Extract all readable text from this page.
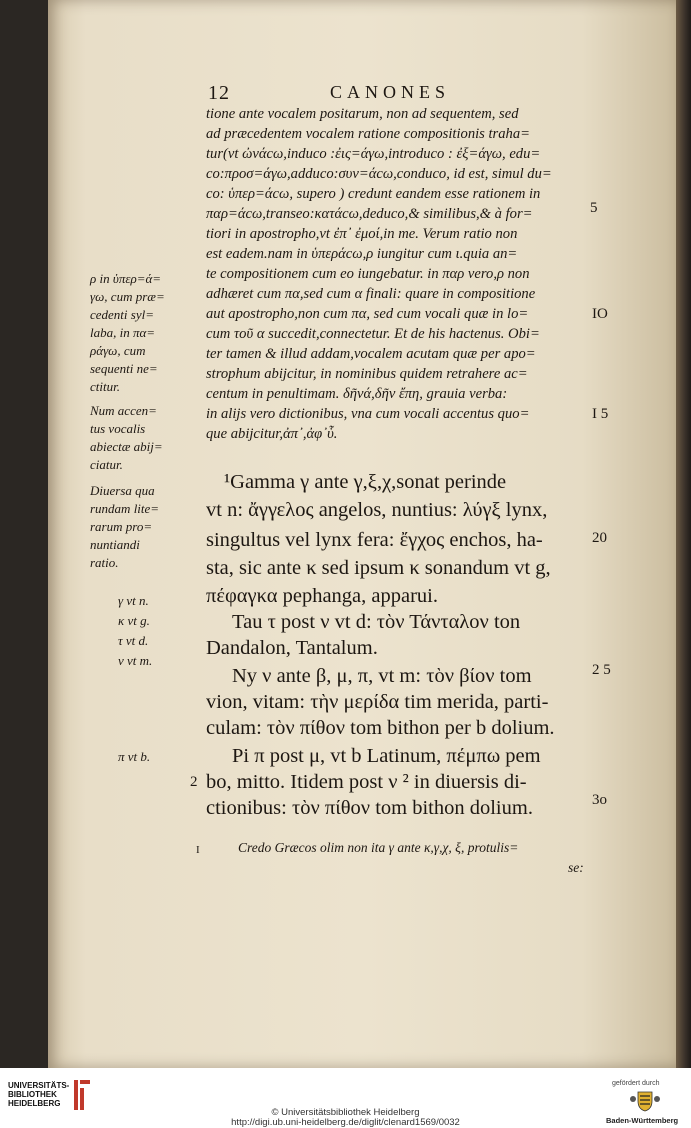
12	CANONES
tione ante vocalem positarum, non ad sequentem, sed
ad præcedentem vocalem ratione compositionis traha=
tur(vt ὠνάcω,induco :ἐις=άγω,introduco : ἐξ=άγω, edu=
co:προσ=άγω,adduco:συν=άcω,conduco, id est, simul du=
co: ὑπερ=άcω, supero ) credunt eandem esse rationem in
παρ=άcω,transeo:κατάcω,deduco,& similibus,& à for=
tiori in apostropho,vt ἐπ᾽ ἐμοί,in me. Verum ratio non
est eadem.nam in ὑπεράcω,ρ iungitur cum ι.quia an=
te compositionem cum eo iungebatur. in παρ vero,ρ non
adhæret cum πα,sed cum α finali: quare in compositione
aut apostropho,non cum πα, sed cum vocali quæ in lo=
cum τοῦ α succedit,connectetur. Et de his hactenus. Obi=
ter tamen & illud addam,vocalem acutam quæ per apo=
strophum abijcitur, in nominibus quidem retrahere ac=
centum in penultimam. δῆνά,δῆν ἔπη, grauia verba:
in alijs vero dictionibus, vna cum vocali accentus quo=
que abijcitur,ἀπ᾽,ἀφ᾽ὗ.
¹Gamma γ ante γ,ξ,χ,sonat perinde
vt n: ἄγγελος angelos, nuntius: λύγξ lynx,
singultus vel lynx fera: ἔγχος enchos, ha-
sta, sic ante κ sed ipsum κ sonandum vt g,
πέφαγκα pephanga, apparui.
Tau τ post ν vt d: τὸν Τάνταλον ton
Dandalon, Tantalum.
Ny ν ante β, μ, π, vt m: τὸν βίον tom
vion, vitam: τὴν μερίδα tim merida, parti-
culam: τὸν πίθον tom bithon per b dolium.
Pi π post μ, vt b Latinum, πέμπω pem
bo, mitto. Itidem post ν ² in diuersis di-
ctionibus: τὸν πίθον tom bithon dolium.
ρ in ὑπερ=ά=
γω, cum præ=
cedenti syl=
laba, in πα=
ράγω, cum
sequenti ne=
ctitur.
Num accen=
tus vocalis
abiectæ abij=
ciatur.
Diuersa qua
rundam lite=
rarum pro=
nuntiandi
ratio.
γ vt n.
κ vt g.
τ vt d.
ν vt m.
π vt b.
5
IO
I 5
20
2 5
3o
2
I	Credo Græcos olim non ita γ ante κ,γ,χ, ξ, protulis=
se:
UNIVERSITÄTS-
BIBLIOTHEK
HEIDELBERG
© Universitätsbibliothek Heidelberg
http://digi.ub.uni-heidelberg.de/diglit/clenard1569/0032
gefördert durch
Baden-Württemberg
